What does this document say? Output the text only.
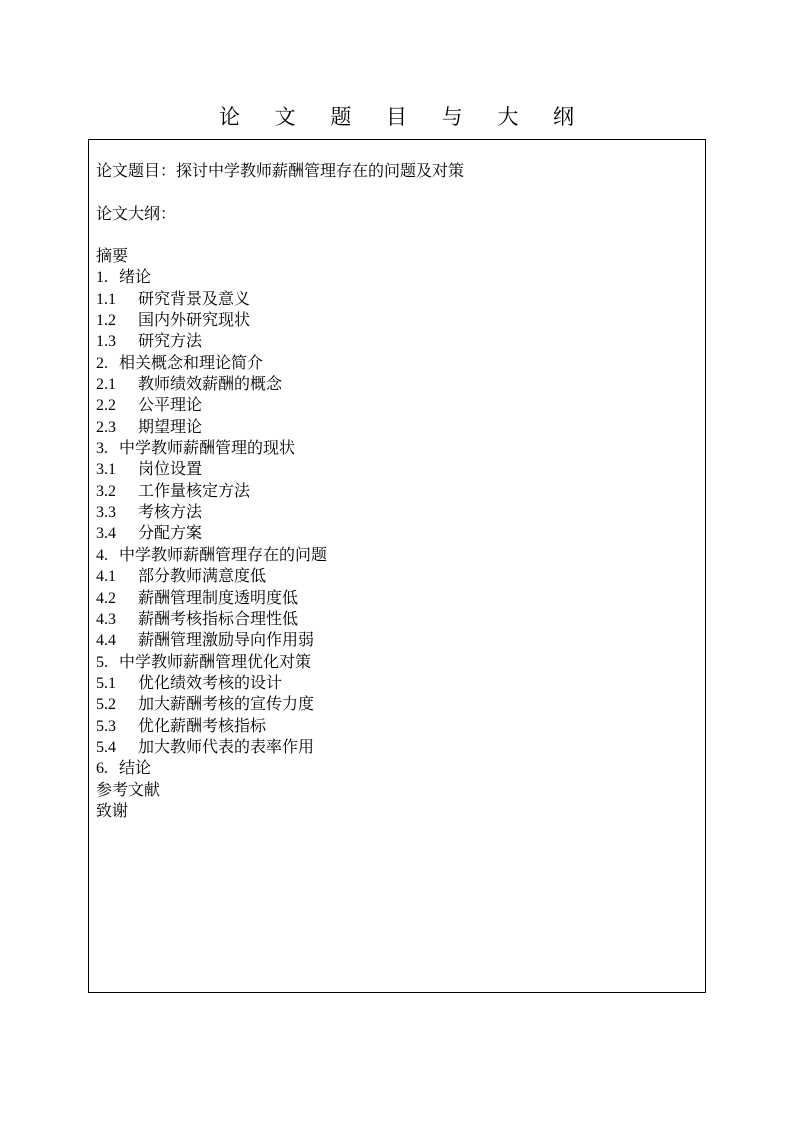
论 文 题 目 与 大 纲
论文题目：探讨中学教师薪酬管理存在的问题及对策
论文大纲：
摘要
1. 绪论
1.1 研究背景及意义
1.2 国内外研究现状
1.3 研究方法
2. 相关概念和理论简介
2.1 教师绩效薪酬的概念
2.2 公平理论
2.3 期望理论
3. 中学教师薪酬管理的现状
3.1 岗位设置
3.2 工作量核定方法
3.3 考核方法
3.4 分配方案
4. 中学教师薪酬管理存在的问题
4.1 部分教师满意度低
4.2 薪酬管理制度透明度低
4.3 薪酬考核指标合理性低
4.4 薪酬管理激励导向作用弱
5. 中学教师薪酬管理优化对策
5.1 优化绩效考核的设计
5.2 加大薪酬考核的宣传力度
5.3 优化薪酬考核指标
5.4 加大教师代表的表率作用
6. 结论
参考文献
致谢
